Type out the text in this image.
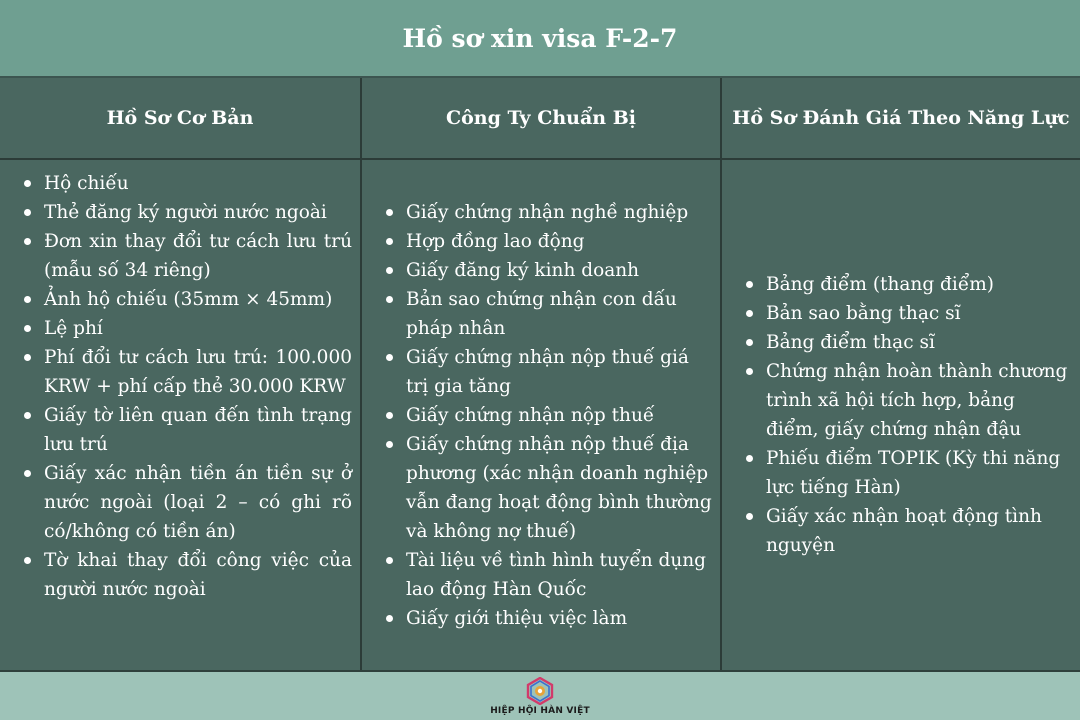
Hồ sơ xin visa F-2-7
Hồ Sơ Cơ Bản
Hộ chiếu
Thẻ đăng ký người nước ngoài
Đơn xin thay đổi tư cách lưu trú (mẫu số 34 riêng)
Ảnh hộ chiếu (35mm × 45mm)
Lệ phí
Phí đổi tư cách lưu trú: 100.000 KRW + phí cấp thẻ 30.000 KRW
Giấy tờ liên quan đến tình trạng lưu trú
Giấy xác nhận tiền án tiền sự ở nước ngoài (loại 2 – có ghi rõ có/không có tiền án)
Tờ khai thay đổi công việc của người nước ngoài
Công Ty Chuẩn Bị
Giấy chứng nhận nghề nghiệp
Hợp đồng lao động
Giấy đăng ký kinh doanh
Bản sao chứng nhận con dấu pháp nhân
Giấy chứng nhận nộp thuế giá trị gia tăng
Giấy chứng nhận nộp thuế
Giấy chứng nhận nộp thuế địa phương (xác nhận doanh nghiệp vẫn đang hoạt động bình thường và không nợ thuế)
Tài liệu về tình hình tuyển dụng lao động Hàn Quốc
Giấy giới thiệu việc làm
Hồ Sơ Đánh Giá Theo Năng Lực
Bảng điểm (thang điểm)
Bản sao bằng thạc sĩ
Bảng điểm thạc sĩ
Chứng nhận hoàn thành chương trình xã hội tích hợp, bảng điểm, giấy chứng nhận đậu
Phiếu điểm TOPIK (Kỳ thi năng lực tiếng Hàn)
Giấy xác nhận hoạt động tình nguyện
HIỆP HỘI HÀN VIỆT
